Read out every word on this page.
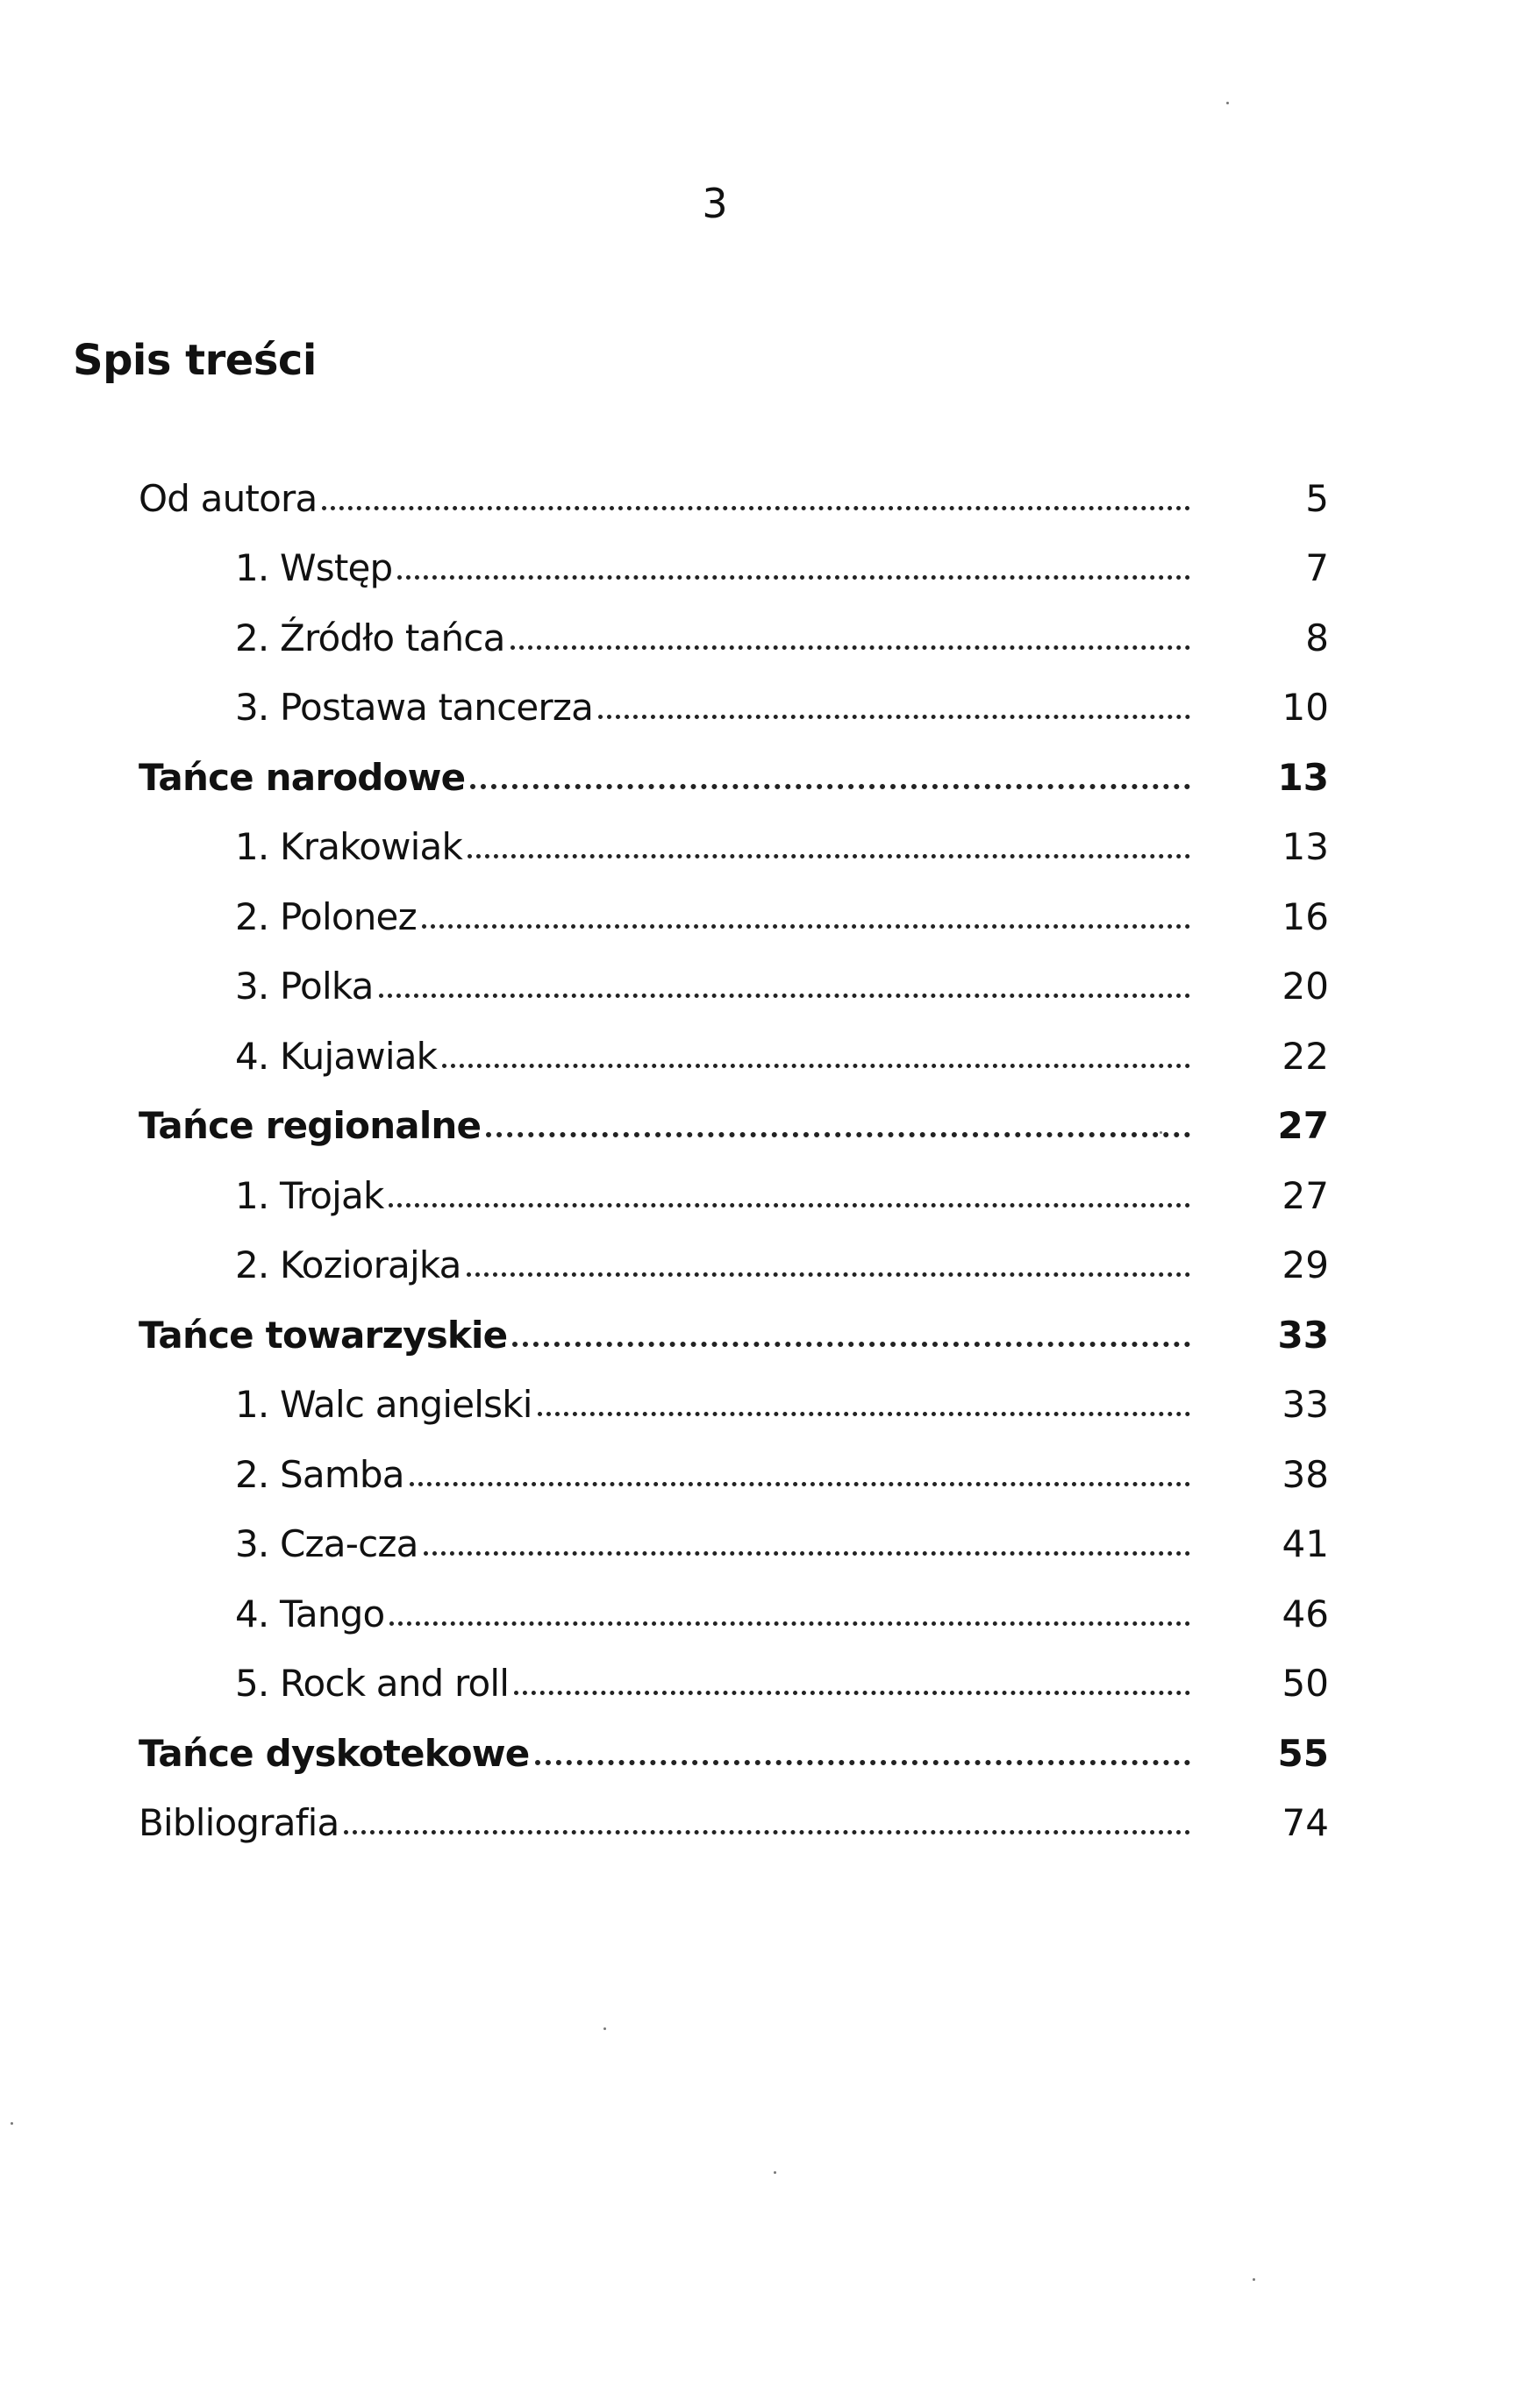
3
Spis treści
Od autora	5
1. Wstęp	7
2. Źródło tańca	8
3. Postawa tancerza	10
Tańce narodowe	13
1. Krakowiak	13
2. Polonez	16
3. Polka	20
4. Kujawiak	22
Tańce regionalne	27
1. Trojak	27
2. Koziorajka	29
Tańce towarzyskie	33
1. Walc angielski	33
2. Samba	38
3. Cza-cza	41
4. Tango	46
5. Rock and roll	50
Tańce dyskotekowe	55
Bibliografia	74
